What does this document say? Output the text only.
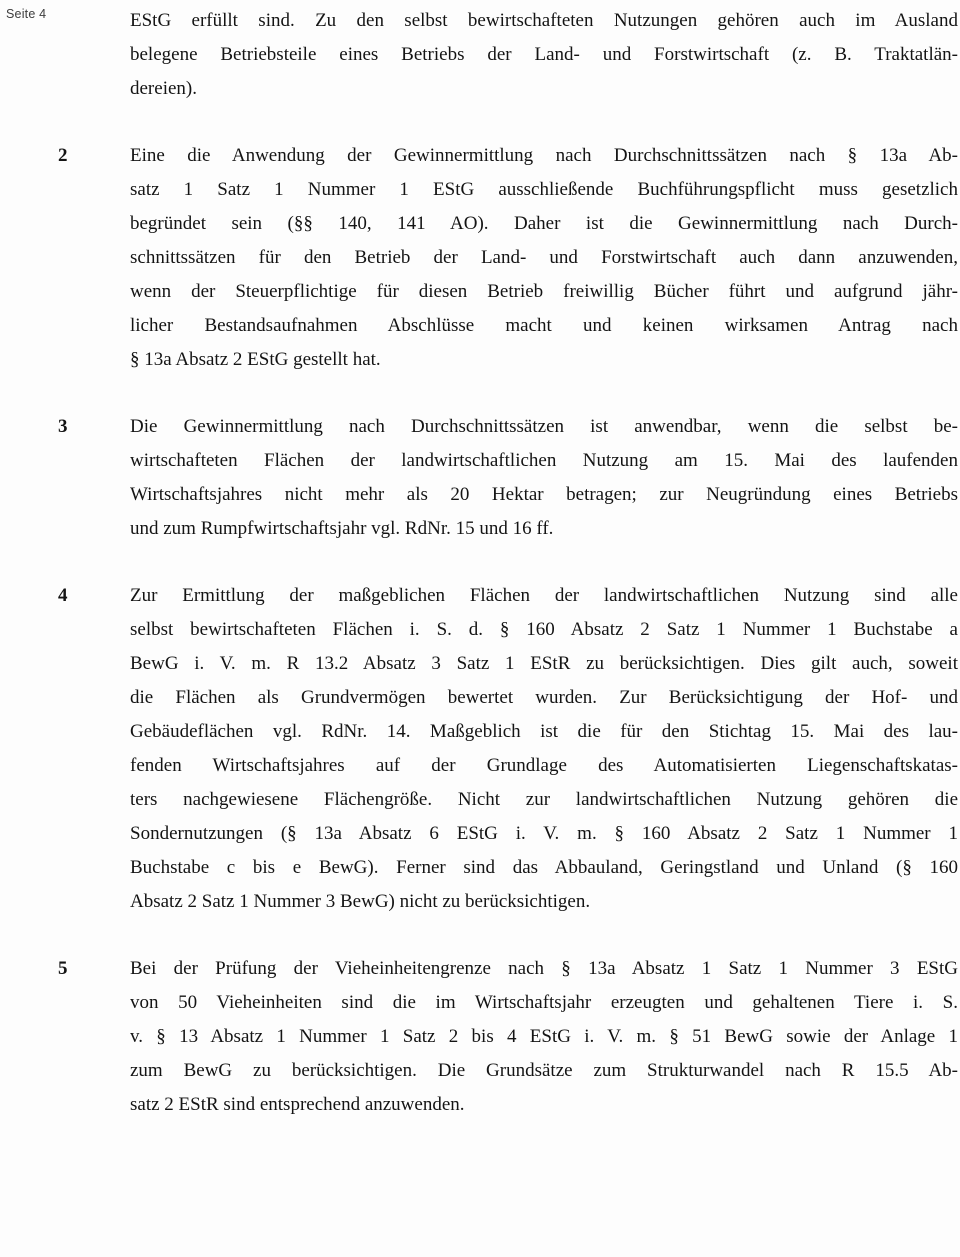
Seite 4	EStG erfüllt sind. Zu den selbst bewirtschafteten Nutzungen gehören auch im Ausland
belegene Betriebsteile eines Betriebs der Land- und Forstwirtschaft (z. B. Traktatlän-
dereien).
2	Eine die Anwendung der Gewinnermittlung nach Durchschnittssätzen nach § 13a Ab-
satz 1 Satz 1 Nummer 1 EStG ausschließende Buchführungspflicht muss gesetzlich
begründet sein (§§ 140, 141 AO). Daher ist die Gewinnermittlung nach Durch-
schnittssätzen für den Betrieb der Land- und Forstwirtschaft auch dann anzuwenden,
wenn der Steuerpflichtige für diesen Betrieb freiwillig Bücher führt und aufgrund jähr-
licher Bestandsaufnahmen Abschlüsse macht und keinen wirksamen Antrag nach
§ 13a Absatz 2 EStG gestellt hat.
3	Die Gewinnermittlung nach Durchschnittssätzen ist anwendbar, wenn die selbst be-
wirtschafteten Flächen der landwirtschaftlichen Nutzung am 15. Mai des laufenden
Wirtschaftsjahres nicht mehr als 20 Hektar betragen; zur Neugründung eines Betriebs
und zum Rumpfwirtschaftsjahr vgl. RdNr. 15 und 16 ff.
4	Zur Ermittlung der maßgeblichen Flächen der landwirtschaftlichen Nutzung sind alle
selbst bewirtschafteten Flächen i. S. d. § 160 Absatz 2 Satz 1 Nummer 1 Buchstabe a
BewG i. V. m. R 13.2 Absatz 3 Satz 1 EStR zu berücksichtigen. Dies gilt auch, soweit
die Flächen als Grundvermögen bewertet wurden. Zur Berücksichtigung der Hof- und
Gebäudeflächen vgl. RdNr. 14. Maßgeblich ist die für den Stichtag 15. Mai des lau-
fenden Wirtschaftsjahres auf der Grundlage des Automatisierten Liegenschaftskatas-
ters nachgewiesene Flächengröße. Nicht zur landwirtschaftlichen Nutzung gehören die
Sondernutzungen (§ 13a Absatz 6 EStG i. V. m. § 160 Absatz 2 Satz 1 Nummer 1
Buchstabe c bis e BewG). Ferner sind das Abbauland, Geringstland und Unland (§ 160
Absatz 2 Satz 1 Nummer 3 BewG) nicht zu berücksichtigen.
5	Bei der Prüfung der Vieheinheitengrenze nach § 13a Absatz 1 Satz 1 Nummer 3 EStG
von 50 Vieheinheiten sind die im Wirtschaftsjahr erzeugten und gehaltenen Tiere i. S.
v. § 13 Absatz 1 Nummer 1 Satz 2 bis 4 EStG i. V. m. § 51 BewG sowie der Anlage 1
zum BewG zu berücksichtigen. Die Grundsätze zum Strukturwandel nach R 15.5 Ab-
satz 2 EStR sind entsprechend anzuwenden.
